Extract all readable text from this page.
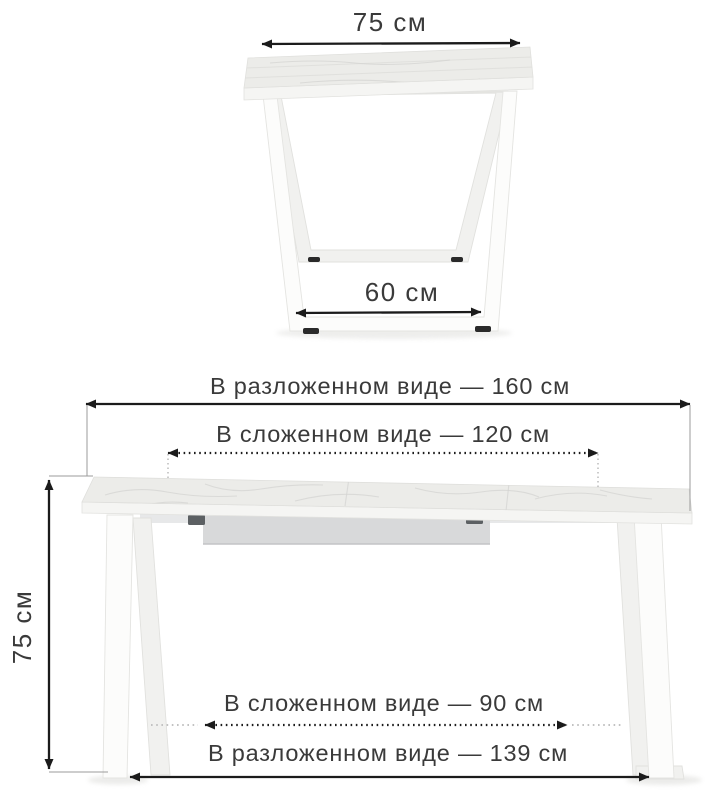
75 см
60 см
В разложенном виде — 160 см
В сложенном виде — 120 см
75 см
В сложенном виде — 90 см
В разложенном виде — 139 см
